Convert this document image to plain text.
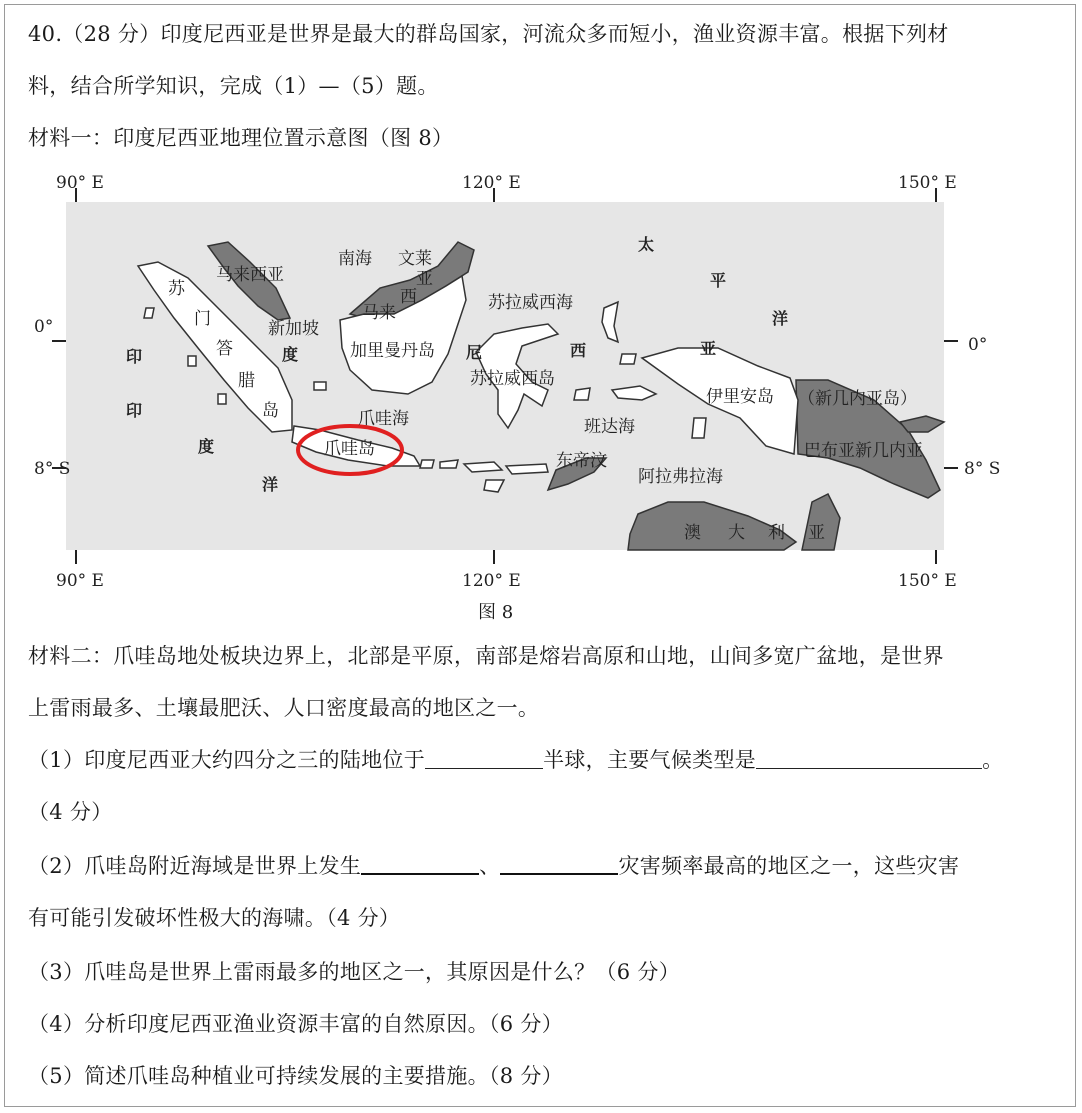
40.（28 分）印度尼西亚是世界是最大的群岛国家，河流众多而短小，渔业资源丰富。根据下列材
料，结合所学知识，完成（1）—（5）题。
材料一：印度尼西亚地理位置示意图（图 8）
90° E	120° E	150° E
90° E	120° E	150° E
0°
8° S
0°
8° S
马来西亚
南海 文莱
亚
西
马来
苏
门
答
腊
岛
新加坡
加里曼丹岛
苏拉威西海
苏拉威西岛
爪哇海
爪哇岛
班达海
东帝汶
阿拉弗拉海
伊里安岛 （新几内亚岛）
巴布亚新几内亚
澳 大 利 亚
印
印
度
度
洋
尼	西	亚
太
平
洋
图 8
材料二：爪哇岛地处板块边界上，北部是平原，南部是熔岩高原和山地，山间多宽广盆地，是世界
上雷雨最多、土壤最肥沃、人口密度最高的地区之一。
（1）印度尼西亚大约四分之三的陆地位于	半球，主要气候类型是	。
（4 分）
（2）爪哇岛附近海域是世界上发生	、	灾害频率最高的地区之一，这些灾害
有可能引发破坏性极大的海啸。（4 分）
（3）爪哇岛是世界上雷雨最多的地区之一，其原因是什么？（6 分）
（4）分析印度尼西亚渔业资源丰富的自然原因。（6 分）
（5）简述爪哇岛种植业可持续发展的主要措施。（8 分）
